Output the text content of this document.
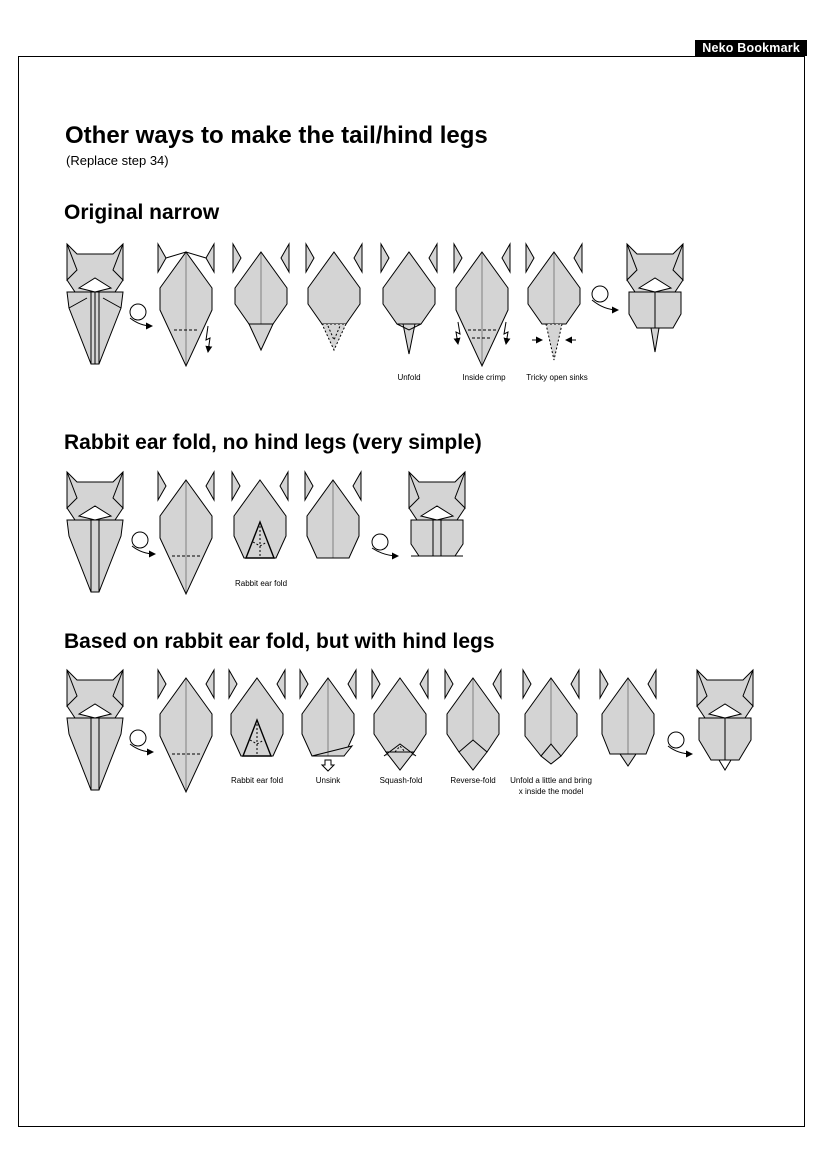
Neko Bookmark
Other ways to make the tail/hind legs

(Replace step 34)

Original narrow
Unfold	Inside crimp	Tricky open sinks
Rabbit ear fold, no hind legs (very simple)
Rabbit ear fold
Based on rabbit ear fold, but with hind legs
Rabbit ear fold	Unsink	Squash-fold	Reverse-fold Unfold a little and bring
x inside the model
